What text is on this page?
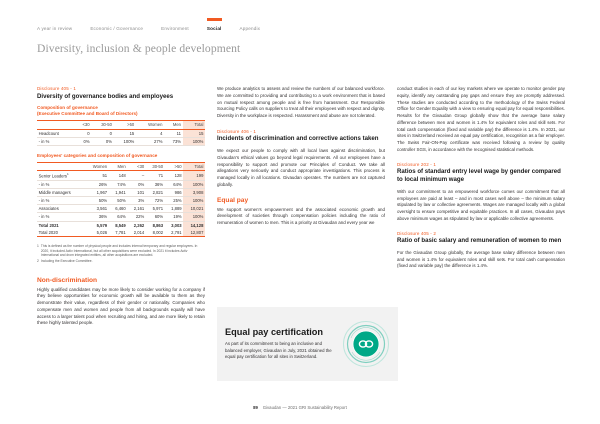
A year in review	Economic / Governance	Environment	Social	Appendix
Diversity, inclusion & people development
Disclosure 405 - 1
Diversity of governance bodies and employees
Composition of governance
(Executive Committee and Board of Directors)
	<30	30-50	>50	Women	Men	Total
Headcount	0	0	15	4	11	15
- in %	0%	0%	100%	27%	73%	100%
Employees' categories and composition of governance
	Women	Men	<30	30-50	>50	Total
Senior Leaders$^1$	51	148	–	71	128	199
- in %	26%	74%	0%	36%	64%	100%
Middle managers	1,967	1,941	101	2,821	986	3,908
- in %	50%	50%	3%	72%	25%	100%
Associates	3,561	6,460	2,161	5,971	1,889	10,021
- in %	36%	64%	22%	60%	19%	100%
Total 2021	5,579	8,549	2,262	8,863	3,003	14,128
Total 2020	5,026	7,781	2,014	8,002	2,791	12,807
1 This is defined as the number of physical people and includes internal temporary and regular employees. In 2020, it included Activ International, but all other acquisitions were excluded. In 2021 it includes Activ International and drom integrated entities, all other acquisitions are excluded.
2 Including the Executive Committee.
Non-discrimination

Highly qualified candidates may be more likely to consider working for a company if they believe opportunities for economic growth will be available to them as they demonstrate their value, regardless of their gender or nationality. Companies who compensate men and women and people from all backgrounds equally will have access to a larger talent pool when recruiting and hiring, and are more likely to retain these highly talented people.

We produce analytics to assess and review the numbers of our balanced workforce. We are committed to providing and contributing to a work environment that is based on mutual respect among people and is free from harassment. Our Responsible Sourcing Policy calls on suppliers to treat all their employees with respect and dignity. Diversity in the workplace is respected. Harassment and abuse are not tolerated.

Disclosure 406 - 1
Incidents of discrimination and corrective actions taken

We expect our people to comply with all local laws against discrimination, but Givaudan's ethical values go beyond legal requirements. All our employees have a responsibility to support and promote our Principles of Conduct. We take all allegations very seriously and conduct appropriate investigations. This process is managed locally in all locations. Givaudan operates. The numbers are not captured globally.

Equal pay

We support women's empowerment and the associated economic growth and development of societies through compensation policies including the ratio of remuneration of women to men. This is a priority at Givaudan and every year we

conduct studies in each of our key markets where we operate to monitor gender pay equity, identify any outstanding pay gaps and ensure they are promptly addressed. These studies are conducted according to the methodology of the Swiss Federal Office for Gender Equality with a view to ensuring equal pay for equal responsibilities. Results for the Givaudan Group globally show that the average base salary difference between men and women is 1.4% for equivalent roles and skill sets. For total cash compensation (fixed and variable pay) the difference is 1.4%. In 2021, our sites in Switzerland received an equal pay certification, recognition as a fair employer. The Swiss Fair-ON-Pay certificate was received following a review by quality controller SGS, in accordance with the recognised statistical methods.

Disclosure 202 - 1
Ratios of standard entry level wage by gender compared to local minimum wage

With our commitment to an empowered workforce comes our commitment that all employees are paid at least – and in most cases well above – the minimum salary stipulated by law or collective agreements. Wages are managed locally with a global oversight to ensure competitive and equitable practices. In all cases, Givaudan pays above minimum wages as stipulated by law or applicable collective agreements.

Disclosure 405 - 2
Ratio of basic salary and remuneration of women to men

For the Givaudan Group globally, the average base salary difference between men and women is 1.4% for equivalent roles and skill sets. For total cash compensation (fixed and variable pay) the difference is 1.4%.

Equal pay certification
As part of its commitment to being an inclusive and balanced employer, Givaudan in July, 2021 obtained the equal pay certification for all sites in Switzerland.
89 Givaudan — 2021 GRI Sustainability Report
